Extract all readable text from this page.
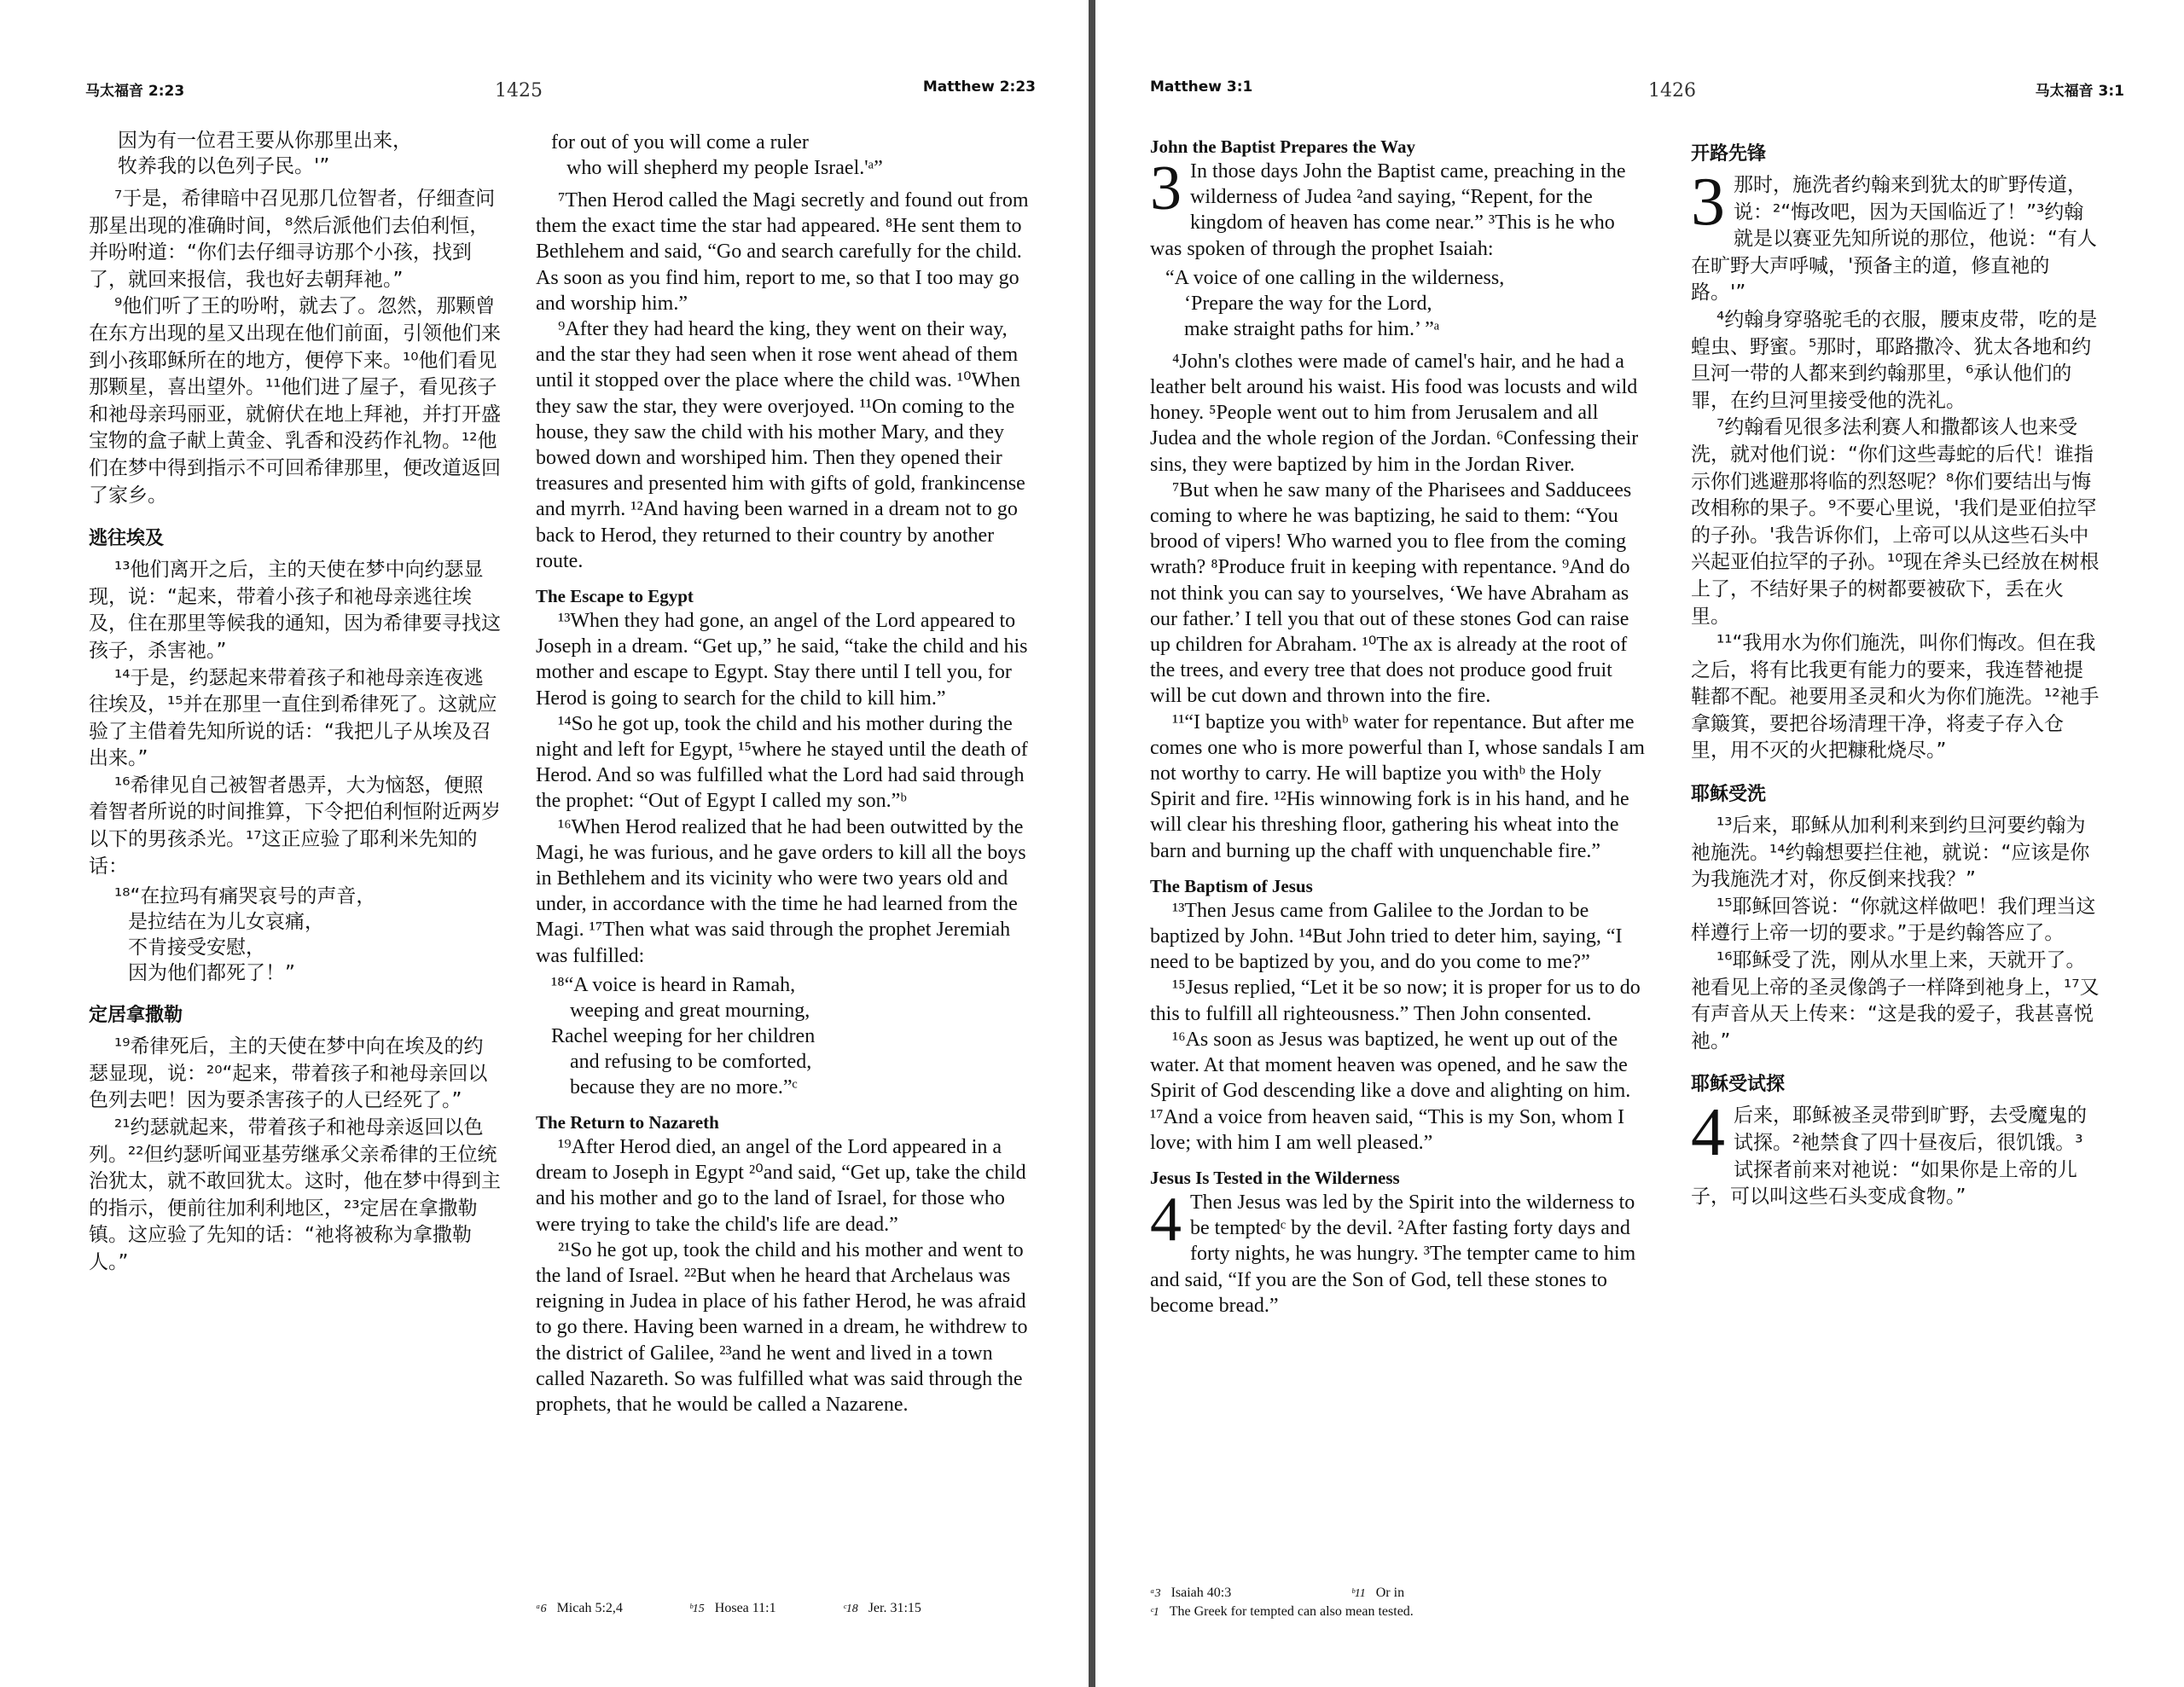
马太福音 2:23	1425	Matthew 2:23
因为有一位君王要从你那里出来，
牧养我的以色列子民。'”

⁷于是，希律暗中召见那几位智者，仔细查问那星出现的准确时间，⁸然后派他们去伯利恒，并吩咐道：“你们去仔细寻访那个小孩，找到了，就回来报信，我也好去朝拜祂。”

⁹他们听了王的吩咐，就去了。忽然，那颗曾在东方出现的星又出现在他们前面，引领他们来到小孩耶稣所在的地方，便停下来。¹⁰他们看见那颗星，喜出望外。¹¹他们进了屋子，看见孩子和祂母亲玛丽亚，就俯伏在地上拜祂，并打开盛宝物的盒子献上黄金、乳香和没药作礼物。¹²他们在梦中得到指示不可回希律那里，便改道返回了家乡。

逃往埃及

¹³他们离开之后，主的天使在梦中向约瑟显现，说：“起来，带着小孩子和祂母亲逃往埃及，住在那里等候我的通知，因为希律要寻找这孩子，杀害祂。”

¹⁴于是，约瑟起来带着孩子和祂母亲连夜逃往埃及，¹⁵并在那里一直住到希律死了。这就应验了主借着先知所说的话：“我把儿子从埃及召出来。”

¹⁶希律见自己被智者愚弄，大为恼怒，便照着智者所说的时间推算，下令把伯利恒附近两岁以下的男孩杀光。¹⁷这正应验了耶利米先知的话：

¹⁸“在拉玛有痛哭哀号的声音，
是拉结在为儿女哀痛，
不肯接受安慰，
因为他们都死了！”
定居拿撒勒

¹⁹希律死后，主的天使在梦中向在埃及的约瑟显现，说：²⁰“起来，带着孩子和祂母亲回以色列去吧！因为要杀害孩子的人已经死了。”

²¹约瑟就起来，带着孩子和祂母亲返回以色列。²²但约瑟听闻亚基劳继承父亲希律的王位统治犹太，就不敢回犹太。这时，他在梦中得到主的指示，便前往加利利地区，²³定居在拿撒勒镇。这应验了先知的话：“祂将被称为拿撒勒人。”

for out of you will come a ruler
who will shepherd my people Israel.'ᵃ”

⁷Then Herod called the Magi secretly and found out from them the exact time the star had appeared. ⁸He sent them to Bethlehem and said, “Go and search carefully for the child. As soon as you find him, report to me, so that I too may go and worship him.”

⁹After they had heard the king, they went on their way, and the star they had seen when it rose went ahead of them until it stopped over the place where the child was. ¹⁰When they saw the star, they were overjoyed. ¹¹On coming to the house, they saw the child with his mother Mary, and they bowed down and worshiped him. Then they opened their treasures and presented him with gifts of gold, frankincense and myrrh. ¹²And having been warned in a dream not to go back to Herod, they returned to their country by another route.

The Escape to Egypt

¹³When they had gone, an angel of the Lord appeared to Joseph in a dream. “Get up,” he said, “take the child and his mother and escape to Egypt. Stay there until I tell you, for Herod is going to search for the child to kill him.”

¹⁴So he got up, took the child and his mother during the night and left for Egypt, ¹⁵where he stayed until the death of Herod. And so was fulfilled what the Lord had said through the prophet: “Out of Egypt I called my son.”ᵇ

¹⁶When Herod realized that he had been outwitted by the Magi, he was furious, and he gave orders to kill all the boys in Bethlehem and its vicinity who were two years old and under, in accordance with the time he had learned from the Magi. ¹⁷Then what was said through the prophet Jeremiah was fulfilled:

¹⁸“A voice is heard in Ramah,
weeping and great mourning,
Rachel weeping for her children
and refusing to be comforted,
because they are no more.”ᶜ
The Return to Nazareth

¹⁹After Herod died, an angel of the Lord appeared in a dream to Joseph in Egypt ²⁰and said, “Get up, take the child and his mother and go to the land of Israel, for those who were trying to take the child's life are dead.”

²¹So he got up, took the child and his mother and went to the land of Israel. ²²But when he heard that Archelaus was reigning in Judea in place of his father Herod, he was afraid to go there. Having been warned in a dream, he withdrew to the district of Galilee, ²³and he went and lived in a town called Nazareth. So was fulfilled what was said through the prophets, that he would be called a Nazarene.

ᵃ6 Micah 5:2,4	ᵇ15 Hosea 11:1	ᶜ18 Jer. 31:15
Matthew 3:1	1426	马太福音 3:1
John the Baptist Prepares the Way

3 In those days John the Baptist came, preaching in the wilderness of Judea ²and saying, “Repent, for the kingdom of heaven has come near.” ³This is he who was spoken of through the prophet Isaiah:

“A voice of one calling in the wilderness,
‘Prepare the way for the Lord,
make straight paths for him.’ ”ᵃ

⁴John's clothes were made of camel's hair, and he had a leather belt around his waist. His food was locusts and wild honey. ⁵People went out to him from Jerusalem and all Judea and the whole region of the Jordan. ⁶Confessing their sins, they were baptized by him in the Jordan River.

⁷But when he saw many of the Pharisees and Sadducees coming to where he was baptizing, he said to them: “You brood of vipers! Who warned you to flee from the coming wrath? ⁸Produce fruit in keeping with repentance. ⁹And do not think you can say to yourselves, ‘We have Abraham as our father.’ I tell you that out of these stones God can raise up children for Abraham. ¹⁰The ax is already at the root of the trees, and every tree that does not produce good fruit will be cut down and thrown into the fire.

¹¹“I baptize you withᵇ water for repentance. But after me comes one who is more powerful than I, whose sandals I am not worthy to carry. He will baptize you withᵇ the Holy Spirit and fire. ¹²His winnowing fork is in his hand, and he will clear his threshing floor, gathering his wheat into the barn and burning up the chaff with unquenchable fire.”

The Baptism of Jesus

¹³Then Jesus came from Galilee to the Jordan to be baptized by John. ¹⁴But John tried to deter him, saying, “I need to be baptized by you, and do you come to me?”

¹⁵Jesus replied, “Let it be so now; it is proper for us to do this to fulfill all righteousness.” Then John consented.

¹⁶As soon as Jesus was baptized, he went up out of the water. At that moment heaven was opened, and he saw the Spirit of God descending like a dove and alighting on him. ¹⁷And a voice from heaven said, “This is my Son, whom I love; with him I am well pleased.”

Jesus Is Tested in the Wilderness

4 Then Jesus was led by the Spirit into the wilderness to be temptedᶜ by the devil. ²After fasting forty days and forty nights, he was hungry. ³The tempter came to him and said, “If you are the Son of God, tell these stones to become bread.”

开路先锋

3 那时，施洗者约翰来到犹太的旷野传道，说：²“悔改吧，因为天国临近了！”³约翰就是以赛亚先知所说的那位，他说：“有人在旷野大声呼喊，'预备主的道，修直祂的路。'”

⁴约翰身穿骆驼毛的衣服，腰束皮带，吃的是蝗虫、野蜜。⁵那时，耶路撒冷、犹太各地和约旦河一带的人都来到约翰那里，⁶承认他们的罪，在约旦河里接受他的洗礼。

⁷约翰看见很多法利赛人和撒都该人也来受洗，就对他们说：“你们这些毒蛇的后代！谁指示你们逃避那将临的烈怒呢？⁸你们要结出与悔改相称的果子。⁹不要心里说，'我们是亚伯拉罕的子孙。'我告诉你们，上帝可以从这些石头中兴起亚伯拉罕的子孙。¹⁰现在斧头已经放在树根上了，不结好果子的树都要被砍下，丢在火里。

¹¹“我用水为你们施洗，叫你们悔改。但在我之后，将有比我更有能力的要来，我连替祂提鞋都不配。祂要用圣灵和火为你们施洗。¹²祂手拿簸箕，要把谷场清理干净，将麦子存入仓里，用不灭的火把糠秕烧尽。”

耶稣受洗

¹³后来，耶稣从加利利来到约旦河要约翰为祂施洗。¹⁴约翰想要拦住祂，就说：“应该是你为我施洗才对，你反倒来找我？”

¹⁵耶稣回答说：“你就这样做吧！我们理当这样遵行上帝一切的要求。”于是约翰答应了。

¹⁶耶稣受了洗，刚从水里上来，天就开了。祂看见上帝的圣灵像鸽子一样降到祂身上，¹⁷又有声音从天上传来：“这是我的爱子，我甚喜悦祂。”

耶稣受试探

4 后来，耶稣被圣灵带到旷野，去受魔鬼的试探。²祂禁食了四十昼夜后，很饥饿。³试探者前来对祂说：“如果你是上帝的儿子，可以叫这些石头变成食物。”

ᵃ3 Isaiah 40:3	ᵇ11 Or in
ᶜ1 The Greek for tempted can also mean tested.
